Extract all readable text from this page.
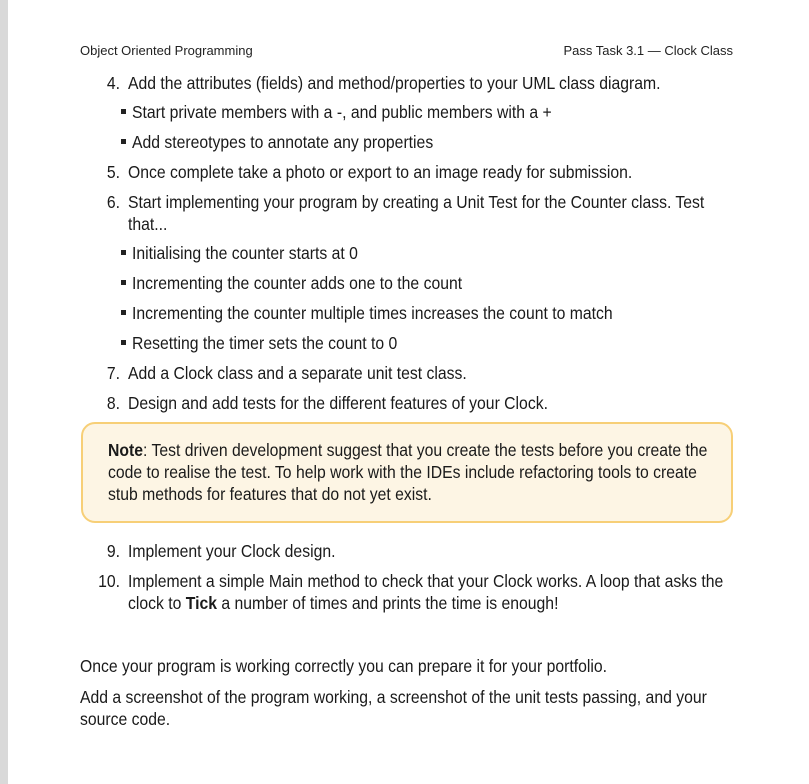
Object Oriented Programming	Pass Task 3.1 — Clock Class
4. Add the attributes (fields) and method/properties to your UML class diagram.
Start private members with a -, and public members with a +
Add stereotypes to annotate any properties
5. Once complete take a photo or export to an image ready for submission.
6. Start implementing your program by creating a Unit Test for the Counter class. Test
that...
Initialising the counter starts at 0
Incrementing the counter adds one to the count
Incrementing the counter multiple times increases the count to match
Resetting the timer sets the count to 0
7. Add a Clock class and a separate unit test class.
8. Design and add tests for the different features of your Clock.
Note: Test driven development suggest that you create the tests before you create the
code to realise the test. To help work with the IDEs include refactoring tools to create
stub methods for features that do not yet exist.
9. Implement your Clock design.
10. Implement a simple Main method to check that your Clock works. A loop that asks the
clock to Tick a number of times and prints the time is enough!
Once your program is working correctly you can prepare it for your portfolio.
Add a screenshot of the program working, a screenshot of the unit tests passing, and your
source code.
